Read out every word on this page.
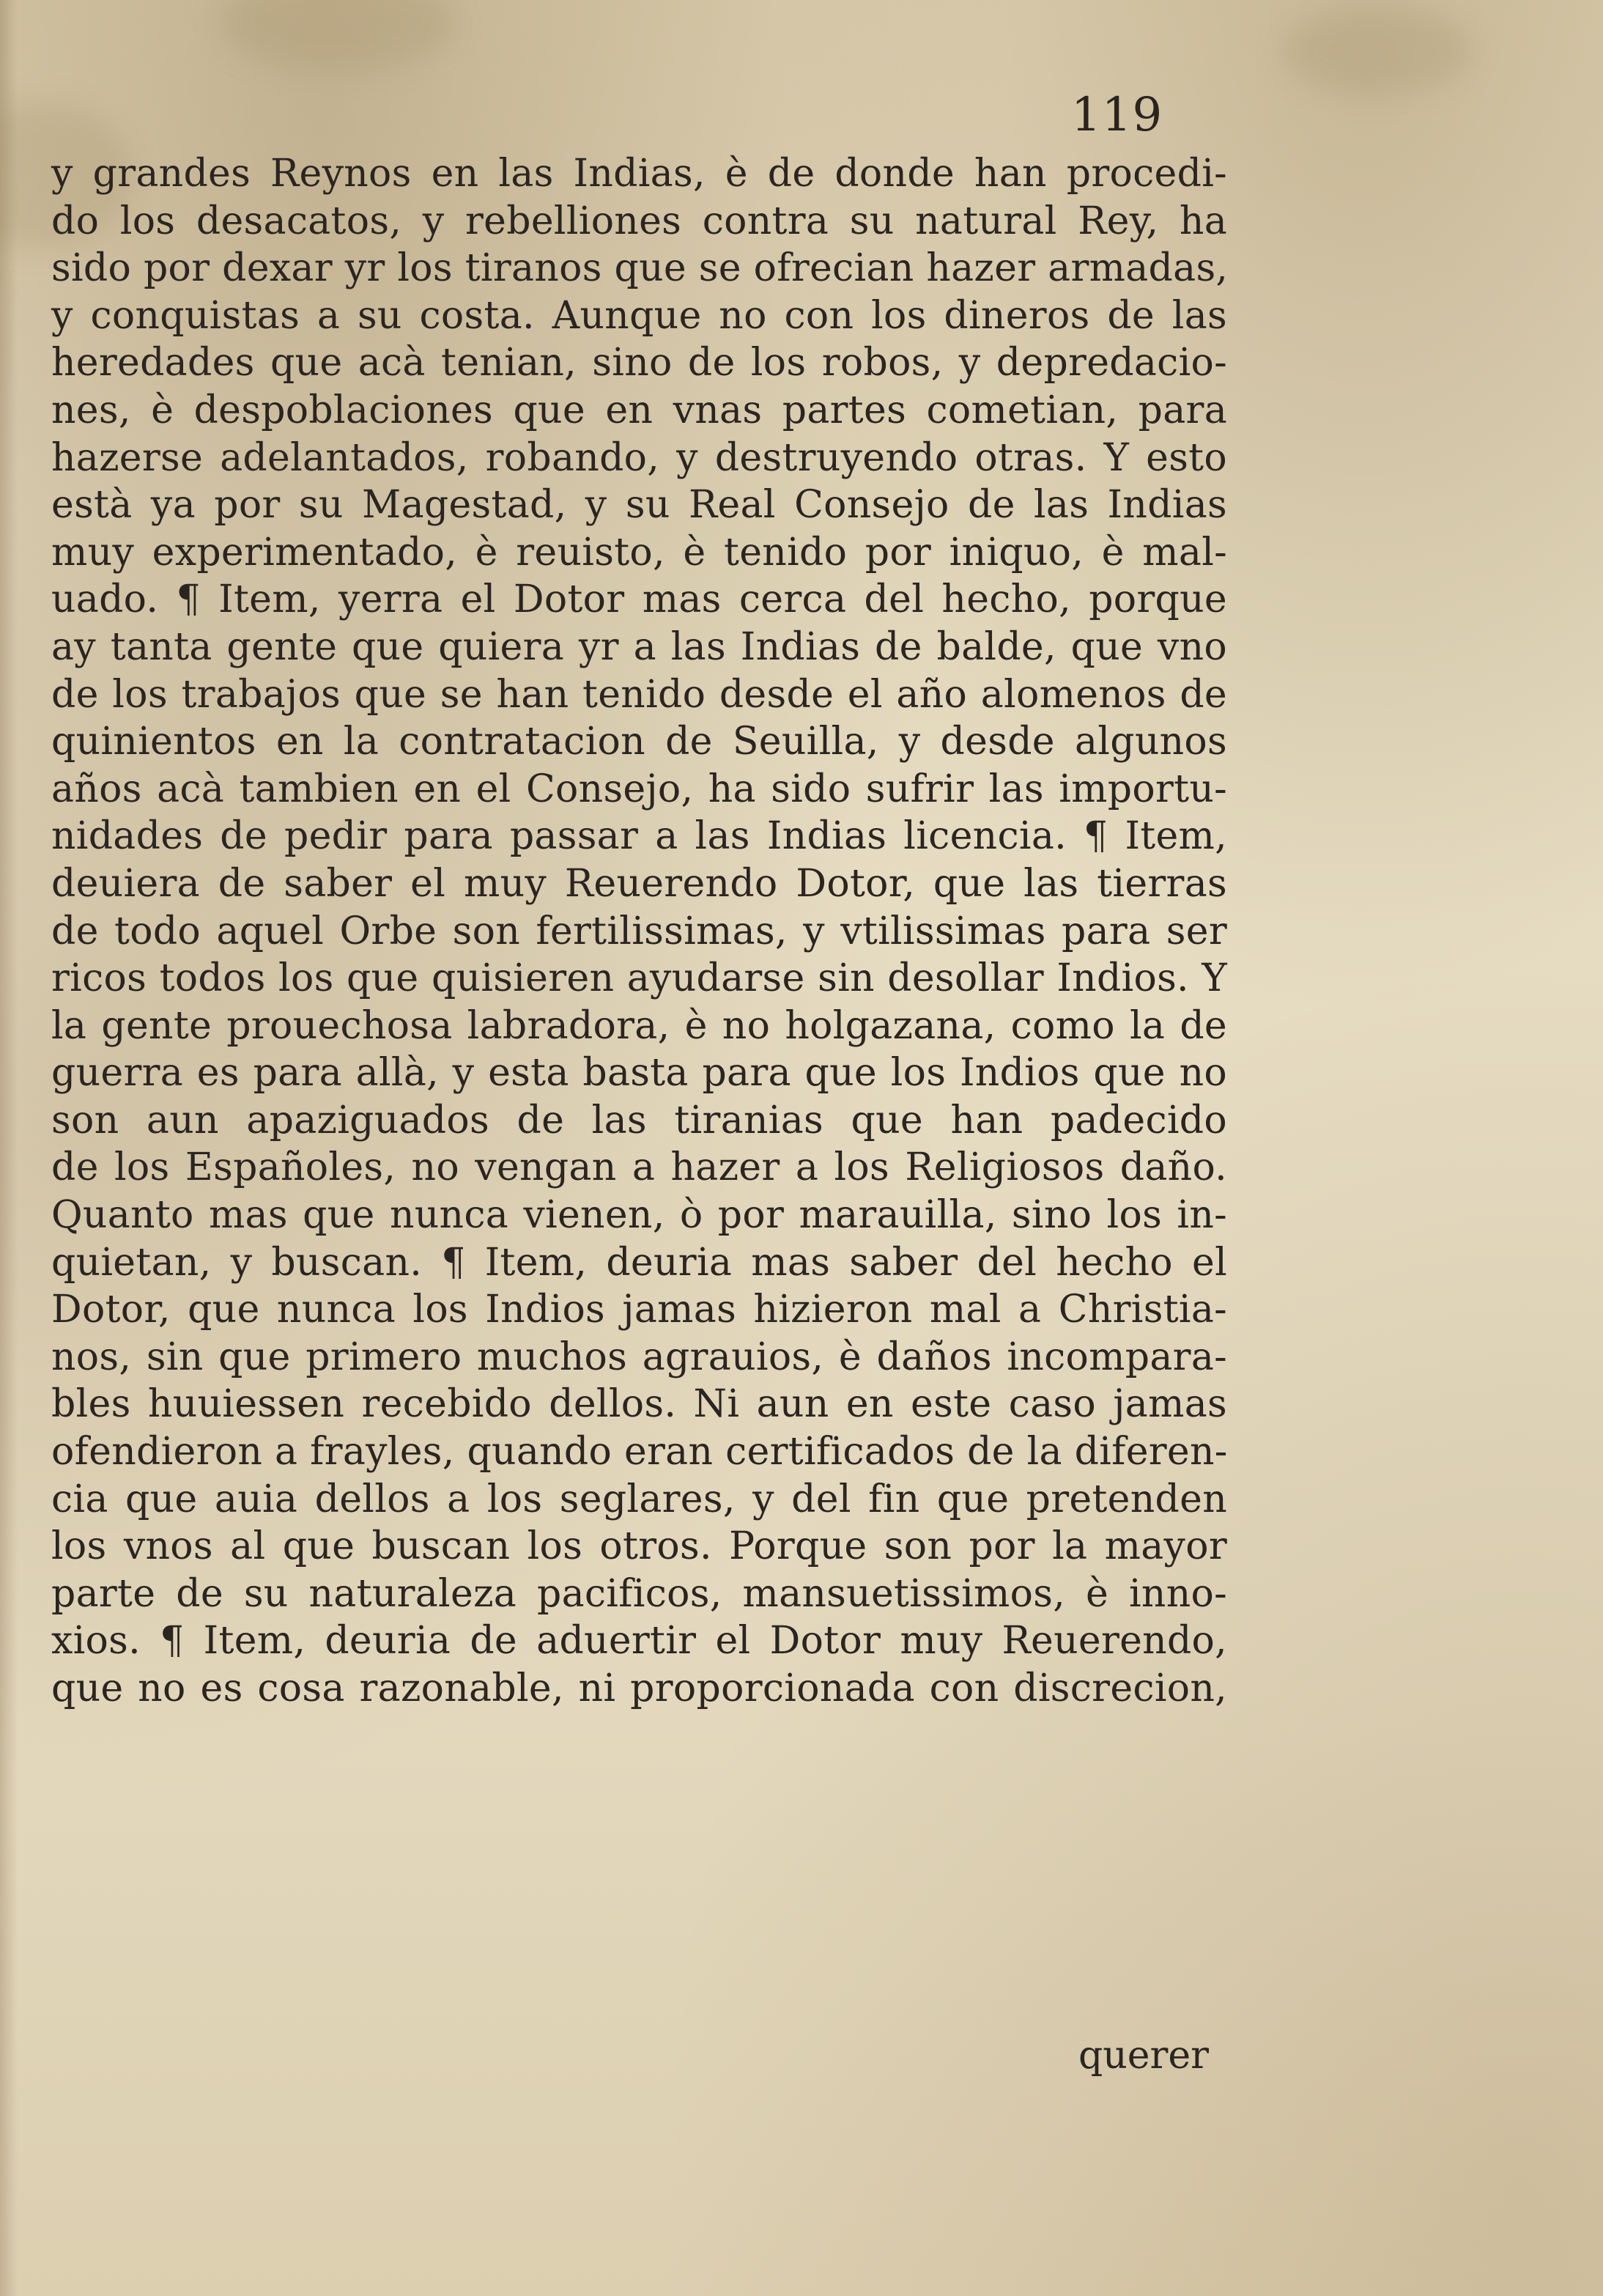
119
y grandes Reynos en las Indias, è de donde han procedi-
do los desacatos, y rebelliones contra su natural Rey, ha
sido por dexar yr los tiranos que se ofrecian hazer armadas,
y conquistas a su costa. Aunque no con los dineros de las
heredades que acà tenian, sino de los robos, y depredacio-
nes, è despoblaciones que en vnas partes cometian, para
hazerse adelantados, robando, y destruyendo otras. Y esto
està ya por su Magestad, y su Real Consejo de las Indias
muy experimentado, è reuisto, è tenido por iniquo, è mal-
uado. ¶ Item, yerra el Dotor mas cerca del hecho, porque
ay tanta gente que quiera yr a las Indias de balde, que vno
de los trabajos que se han tenido desde el año alomenos de
quinientos en la contratacion de Seuilla, y desde algunos
años acà tambien en el Consejo, ha sido sufrir las importu-
nidades de pedir para passar a las Indias licencia. ¶ Item,
deuiera de saber el muy Reuerendo Dotor, que las tierras
de todo aquel Orbe son fertilissimas, y vtilissimas para ser
ricos todos los que quisieren ayudarse sin desollar Indios. Y
la gente prouechosa labradora, è no holgazana, como la de
guerra es para allà, y esta basta para que los Indios que no
son aun apaziguados de las tiranias que han padecido
de los Españoles, no vengan a hazer a los Religiosos daño.
Quanto mas que nunca vienen, ò por marauilla, sino los in-
quietan, y buscan. ¶ Item, deuria mas saber del hecho el
Dotor, que nunca los Indios jamas hizieron mal a Christia-
nos, sin que primero muchos agrauios, è daños incompara-
bles huuiessen recebido dellos. Ni aun en este caso jamas
ofendieron a frayles, quando eran certificados de la diferen-
cia que auia dellos a los seglares, y del fin que pretenden
los vnos al que buscan los otros. Porque son por la mayor
parte de su naturaleza pacificos, mansuetissimos, è inno-
xios. ¶ Item, deuria de aduertir el Dotor muy Reuerendo,
que no es cosa razonable, ni proporcionada con discrecion,
querer
